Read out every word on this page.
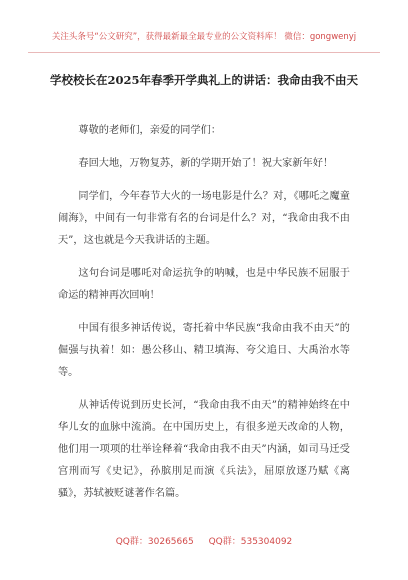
关注头条号“公文研究”，获得最新最全最专业的公文资料库！ 微信：gongwenyj
学校校长在2025年春季开学典礼上的讲话：我命由我不由天

尊敬的老师们，亲爱的同学们：

春回大地，万物复苏，新的学期开始了！祝大家新年好！

同学们，今年春节大火的一场电影是什么？对，《哪吒之魔童闹海》，中间有一句非常有名的台词是什么？对，“我命由我不由天”，这也就是今天我讲话的主题。

这句台词是哪吒对命运抗争的呐喊，也是中华民族不屈服于命运的精神再次回响！

中国有很多神话传说，寄托着中华民族“我命由我不由天”的倔强与执着！如：愚公移山、精卫填海、夸父追日、大禹治水等等。

从神话传说到历史长河，“我命由我不由天”的精神始终在中华儿女的血脉中流淌。在中国历史上，有很多逆天改命的人物，他们用一项项的壮举诠释着“我命由我不由天”内涵，如司马迁受宫刑而写《史记》，孙膑刖足而演《兵法》，屈原放逐乃赋《离骚》，苏轼被贬谜著作名篇。

QQ群：30265665 QQ群：535304092
